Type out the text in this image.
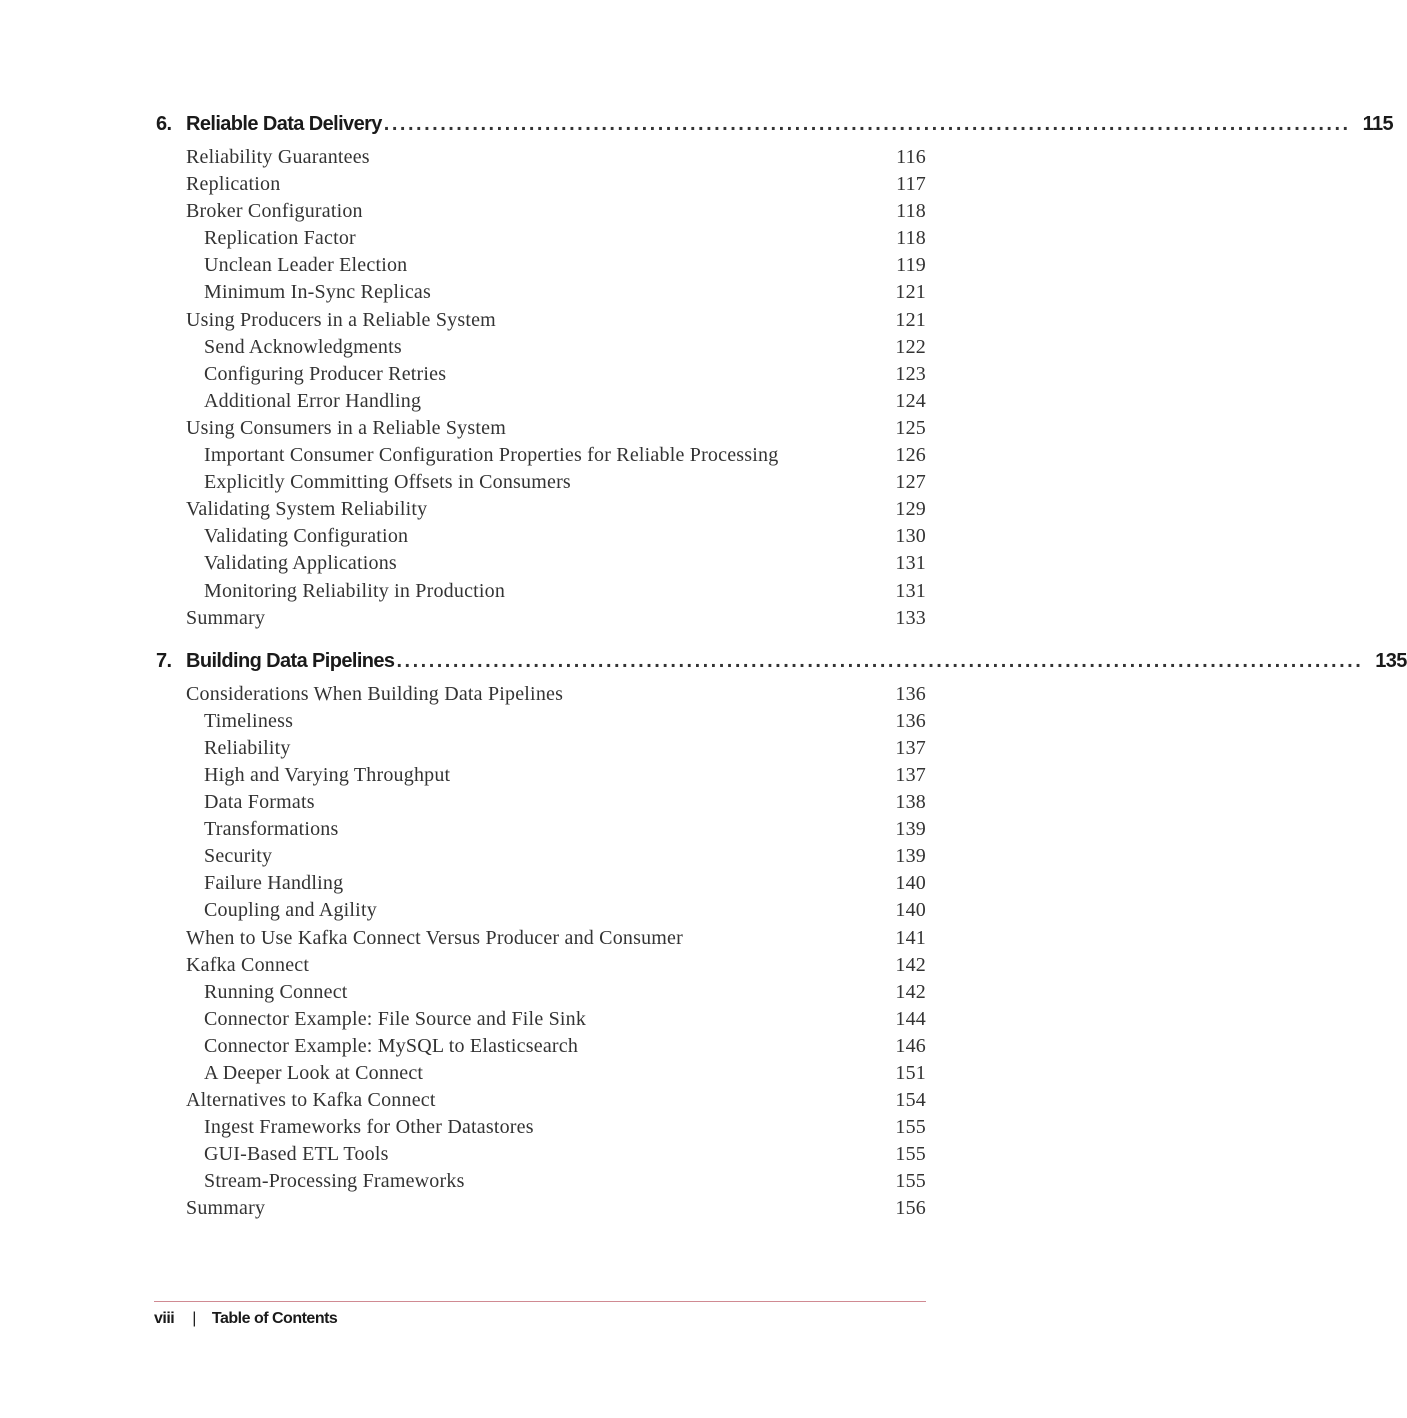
6. Reliable Data Delivery ........................................................................................................................ 115
Reliability Guarantees	116
Replication	117
Broker Configuration	118
Replication Factor	118
Unclean Leader Election	119
Minimum In-Sync Replicas	121
Using Producers in a Reliable System	121
Send Acknowledgments	122
Configuring Producer Retries	123
Additional Error Handling	124
Using Consumers in a Reliable System	125
Important Consumer Configuration Properties for Reliable Processing	126
Explicitly Committing Offsets in Consumers	127
Validating System Reliability	129
Validating Configuration	130
Validating Applications	131
Monitoring Reliability in Production	131
Summary	133
7. Building Data Pipelines ........................................................................................................................ 135
Considerations When Building Data Pipelines	136
Timeliness	136
Reliability	137
High and Varying Throughput	137
Data Formats	138
Transformations	139
Security	139
Failure Handling	140
Coupling and Agility	140
When to Use Kafka Connect Versus Producer and Consumer	141
Kafka Connect	142
Running Connect	142
Connector Example: File Source and File Sink	144
Connector Example: MySQL to Elasticsearch	146
A Deeper Look at Connect	151
Alternatives to Kafka Connect	154
Ingest Frameworks for Other Datastores	155
GUI-Based ETL Tools	155
Stream-Processing Frameworks	155
Summary	156
viii | Table of Contents
